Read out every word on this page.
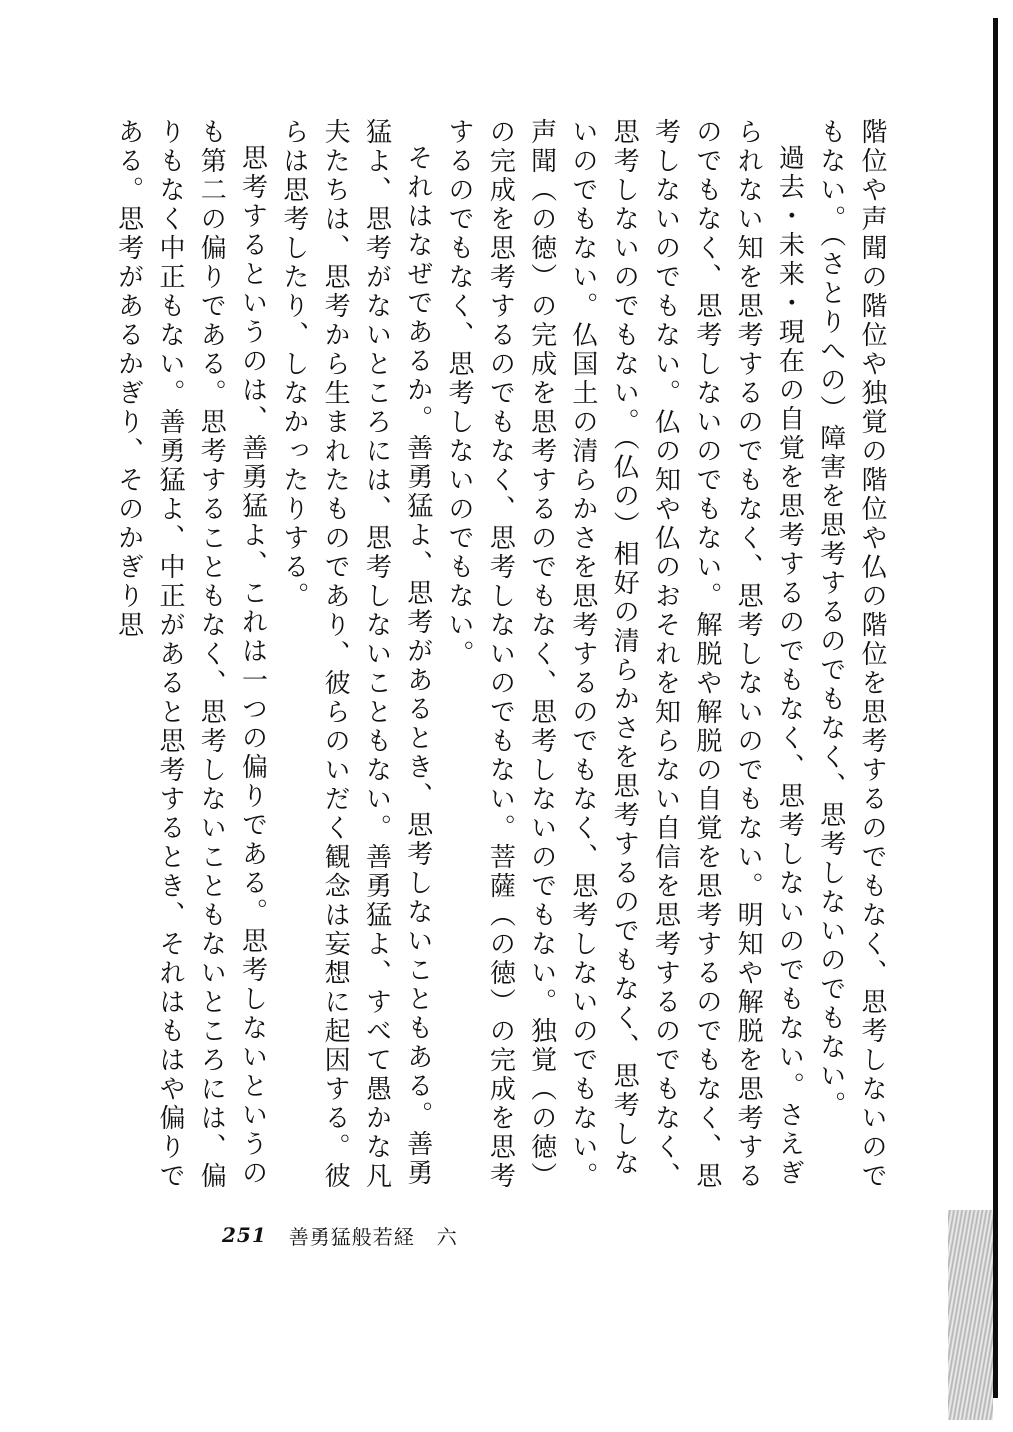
階位や声聞の階位や独覚の階位や仏の階位を思考するのでもなく、思考しないのでもない。（さとりへの）障害を思考するのでもなく、思考しないのでもない。

過去・未来・現在の自覚を思考するのでもなく、思考しないのでもない。さえぎられない知を思考するのでもなく、思考しないのでもない。明知や解脱を思考するのでもなく、思考しないのでもない。解脱や解脱の自覚を思考するのでもなく、思考しないのでもない。仏の知や仏のおそれを知らない自信を思考するのでもなく、思考しないのでもない。（仏の）相好の清らかさを思考するのでもなく、思考しないのでもない。仏国土の清らかさを思考するのでもなく、思考しないのでもない。声聞（の徳）の完成を思考するのでもなく、思考しないのでもない。独覚（の徳）の完成を思考するのでもなく、思考しないのでもない。菩薩（の徳）の完成を思考するのでもなく、思考しないのでもない。

それはなぜであるか。善勇猛よ、思考があるとき、思考しないこともある。善勇猛よ、思考がないところには、思考しないこともない。善勇猛よ、すべて愚かな凡夫たちは、思考から生まれたものであり、彼らのいだく観念は妄想に起因する。彼らは思考したり、しなかったりする。

思考するというのは、善勇猛よ、これは一つの偏りである。思考しないというのも第二の偏りである。思考することもなく、思考しないこともないところには、偏りもなく中正もない。善勇猛よ、中正があると思考するとき、それはもはや偏りである。思考があるかぎり、そのかぎり思

251 善勇猛般若経 六
